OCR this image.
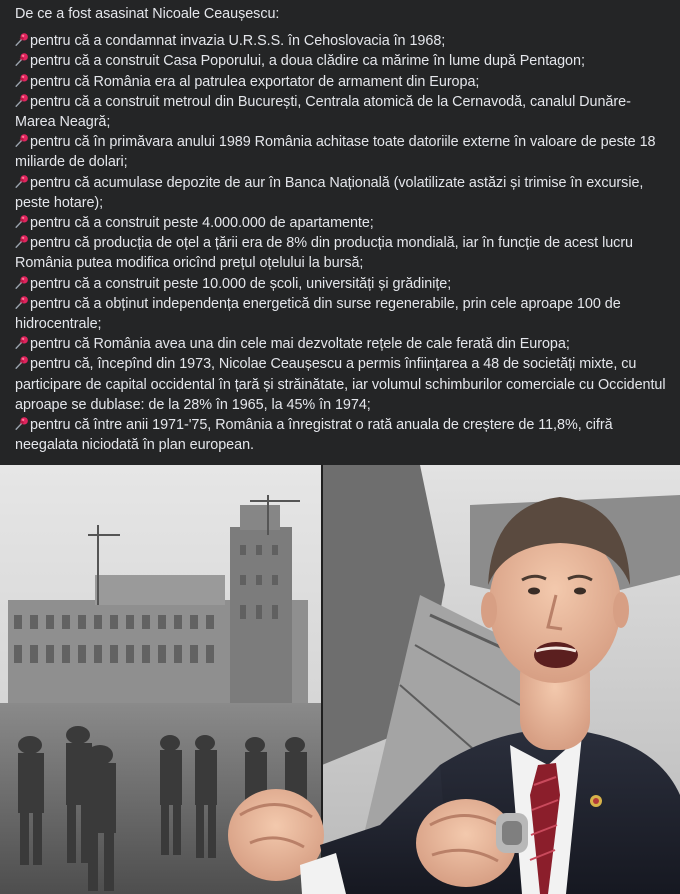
De ce a fost asasinat Nicoale Ceaușescu:

pentru că a condamnat invazia U.R.S.S. în Cehoslovacia în 1968;

pentru că a construit Casa Poporului, a doua clădire ca mărime în lume după Pentagon;

pentru că România era al patrulea exportator de armament din Europa;

pentru că a construit metroul din București, Centrala atomică de la Cernavodă, canalul Dunăre-Marea Neagră;

pentru că în primăvara anului 1989 România achitase toate datoriile externe în valoare de peste 18 miliarde de dolari;

pentru că acumulase depozite de aur în Banca Națională (volatilizate astăzi și trimise în excursie, peste hotare);

pentru că a construit peste 4.000.000 de apartamente;

pentru că producția de oțel a țării era de 8% din producția mondială, iar în funcție de acest lucru România putea modifica oricînd prețul oțelului la bursă;

pentru că a construit peste 10.000 de școli, universități și grădinițe;

pentru că a obținut independența energetică din surse regenerabile, prin cele aproape 100 de hidrocentrale;

pentru că România avea una din cele mai dezvoltate rețele de cale ferată din Europa;

pentru că, începînd din 1973, Nicolae Ceaușescu a permis înființarea a 48 de societăți mixte, cu participare de capital occidental în țară și străinătate, iar volumul schimburilor comerciale cu Occidentul aproape se dublase: de la 28% în 1965, la 45% în 1974;

pentru că între anii 1971-'75, România a înregistrat o rată anuala de creștere de 11,8%, cifră neegalata niciodată în plan european.
